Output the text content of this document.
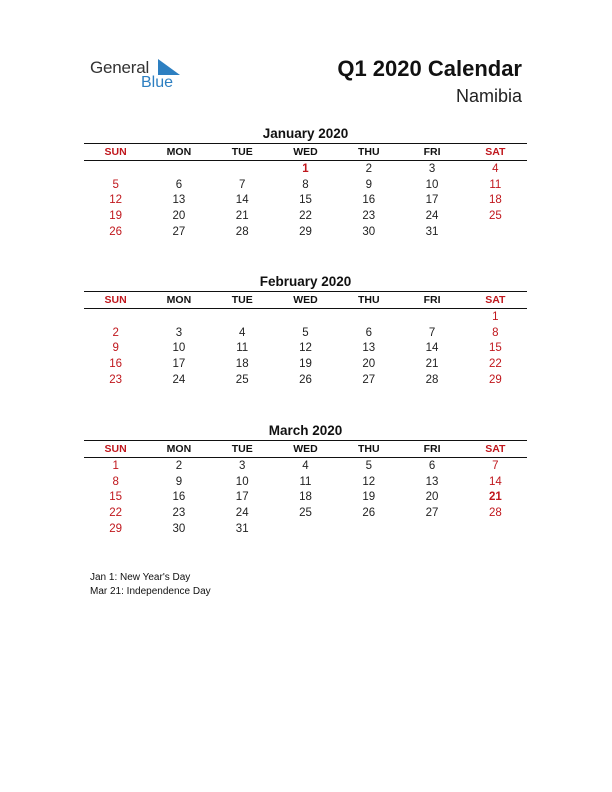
General
Blue
Q1 2020 Calendar
Namibia
January 2020
SUN	MON	TUE	WED	THU	FRI	SAT
			1	2	3	4
5	6	7	8	9	10	11
12	13	14	15	16	17	18
19	20	21	22	23	24	25
26	27	28	29	30	31	
February 2020
SUN	MON	TUE	WED	THU	FRI	SAT
						1
2	3	4	5	6	7	8
9	10	11	12	13	14	15
16	17	18	19	20	21	22
23	24	25	26	27	28	29
March 2020
SUN	MON	TUE	WED	THU	FRI	SAT
1	2	3	4	5	6	7
8	9	10	11	12	13	14
15	16	17	18	19	20	21
22	23	24	25	26	27	28
29	30	31				
Jan 1: New Year's Day
Mar 21: Independence Day
